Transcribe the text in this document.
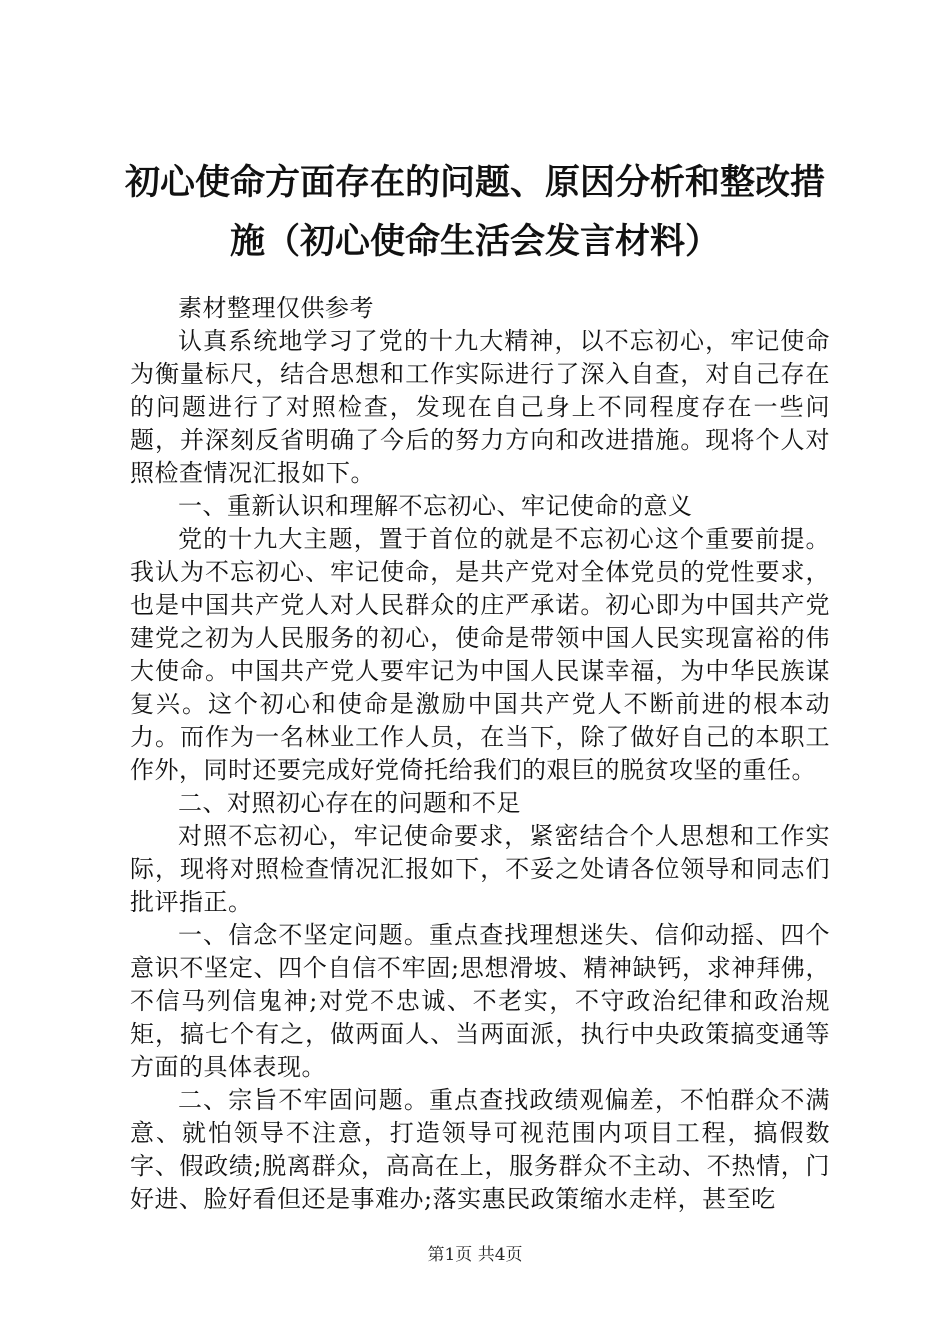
初心使命方面存在的问题、原因分析和整改措
施（初心使命生活会发言材料）

素材整理仅供参考

认真系统地学习了党的十九大精神，以不忘初心，牢记使命为衡量标尺，结合思想和工作实际进行了深入自查，对自己存在的问题进行了对照检查，发现在自己身上不同程度存在一些问题，并深刻反省明确了今后的努力方向和改进措施。现将个人对照检查情况汇报如下。

一、重新认识和理解不忘初心、牢记使命的意义

党的十九大主题，置于首位的就是不忘初心这个重要前提。我认为不忘初心、牢记使命，是共产党对全体党员的党性要求，也是中国共产党人对人民群众的庄严承诺。初心即为中国共产党建党之初为人民服务的初心，使命是带领中国人民实现富裕的伟大使命。中国共产党人要牢记为中国人民谋幸福，为中华民族谋复兴。这个初心和使命是激励中国共产党人不断前进的根本动力。而作为一名林业工作人员，在当下，除了做好自己的本职工作外，同时还要完成好党倚托给我们的艰巨的脱贫攻坚的重任。

二、对照初心存在的问题和不足

对照不忘初心，牢记使命要求，紧密结合个人思想和工作实际，现将对照检查情况汇报如下，不妥之处请各位领导和同志们批评指正。

一、信念不坚定问题。重点查找理想迷失、信仰动摇、四个意识不坚定、四个自信不牢固;思想滑坡、精神缺钙，求神拜佛，不信马列信鬼神;对党不忠诚、不老实，不守政治纪律和政治规矩，搞七个有之，做两面人、当两面派，执行中央政策搞变通等方面的具体表现。

二、宗旨不牢固问题。重点查找政绩观偏差，不怕群众不满意、就怕领导不注意，打造领导可视范围内项目工程，搞假数字、假政绩;脱离群众，高高在上，服务群众不主动、不热情，门好进、脸好看但还是事难办;落实惠民政策缩水走样，甚至吃

第1页 共4页
